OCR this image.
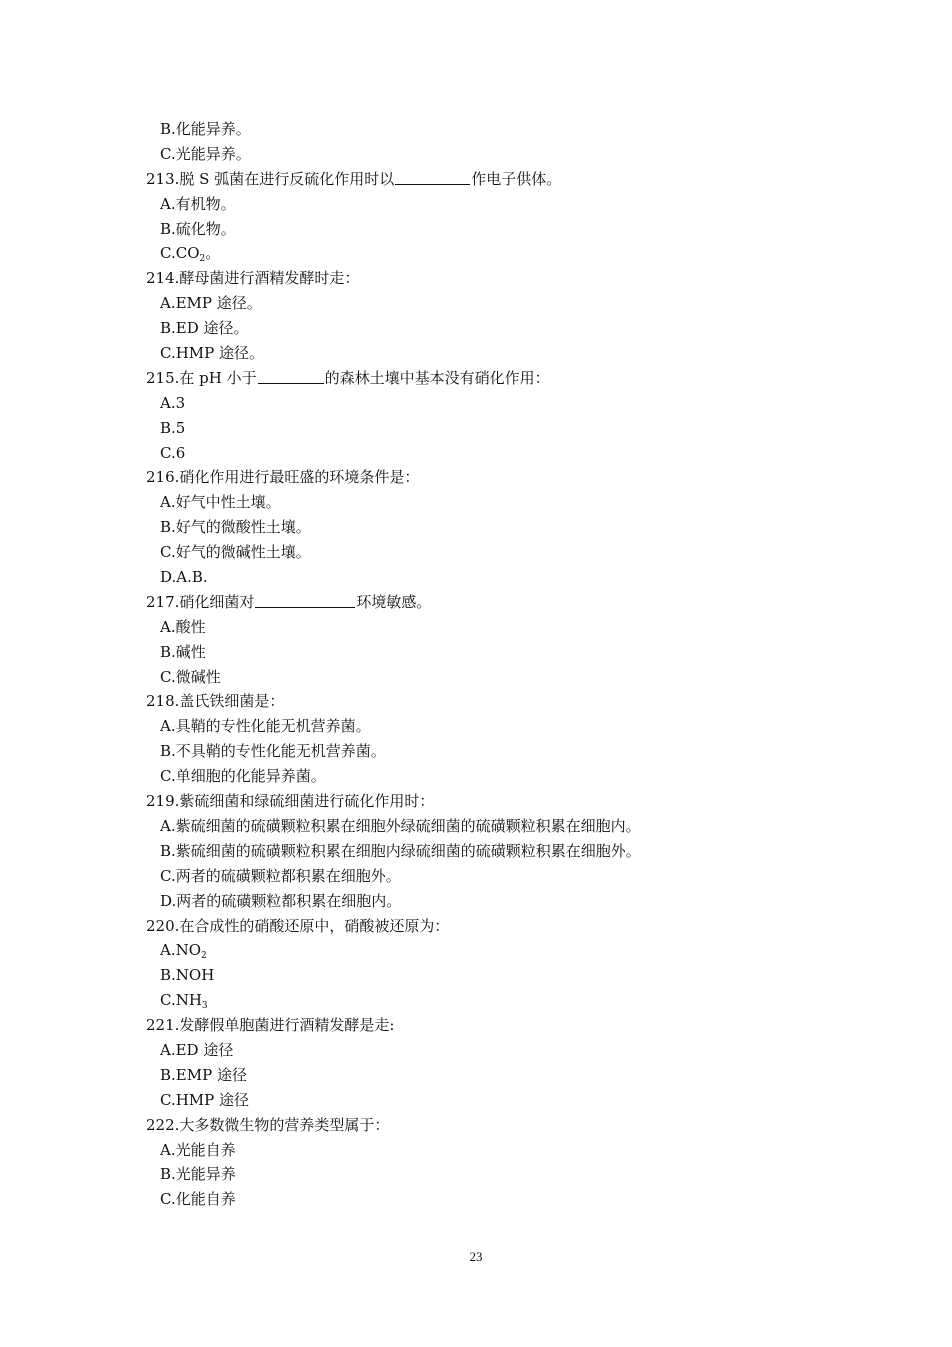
B.化能异养。
C.光能异养。
213.脱 S 弧菌在进行反硫化作用时以	作电子供体。
A.有机物。
B.硫化物。
$C.CO_2$。
214.酵母菌进行酒精发酵时走：
A.EMP 途径。
B.ED 途径。
C.HMP 途径。
215.在 pH 小于	的森林土壤中基本没有硝化作用：
A.3
B.5
C.6
216.硝化作用进行最旺盛的环境条件是：
A.好气中性土壤。
B.好气的微酸性土壤。
C.好气的微碱性土壤。
D.A.B.
217.硝化细菌对	环境敏感。
A.酸性
B.碱性
C.微碱性
218.盖氏铁细菌是：
A.具鞘的专性化能无机营养菌。
B.不具鞘的专性化能无机营养菌。
C.单细胞的化能异养菌。
219.紫硫细菌和绿硫细菌进行硫化作用时：
A.紫硫细菌的硫磺颗粒积累在细胞外绿硫细菌的硫磺颗粒积累在细胞内。
B.紫硫细菌的硫磺颗粒积累在细胞内绿硫细菌的硫磺颗粒积累在细胞外。
C.两者的硫磺颗粒都积累在细胞外。
D.两者的硫磺颗粒都积累在细胞内。
220.在合成性的硝酸还原中，硝酸被还原为：
$A.NO_2$
B.NOH
$C.NH_3$
221.发酵假单胞菌进行酒精发酵是走:
A.ED 途径
B.EMP 途径
C.HMP 途径
222.大多数微生物的营养类型属于：
A.光能自养
B.光能异养
C.化能自养
23
